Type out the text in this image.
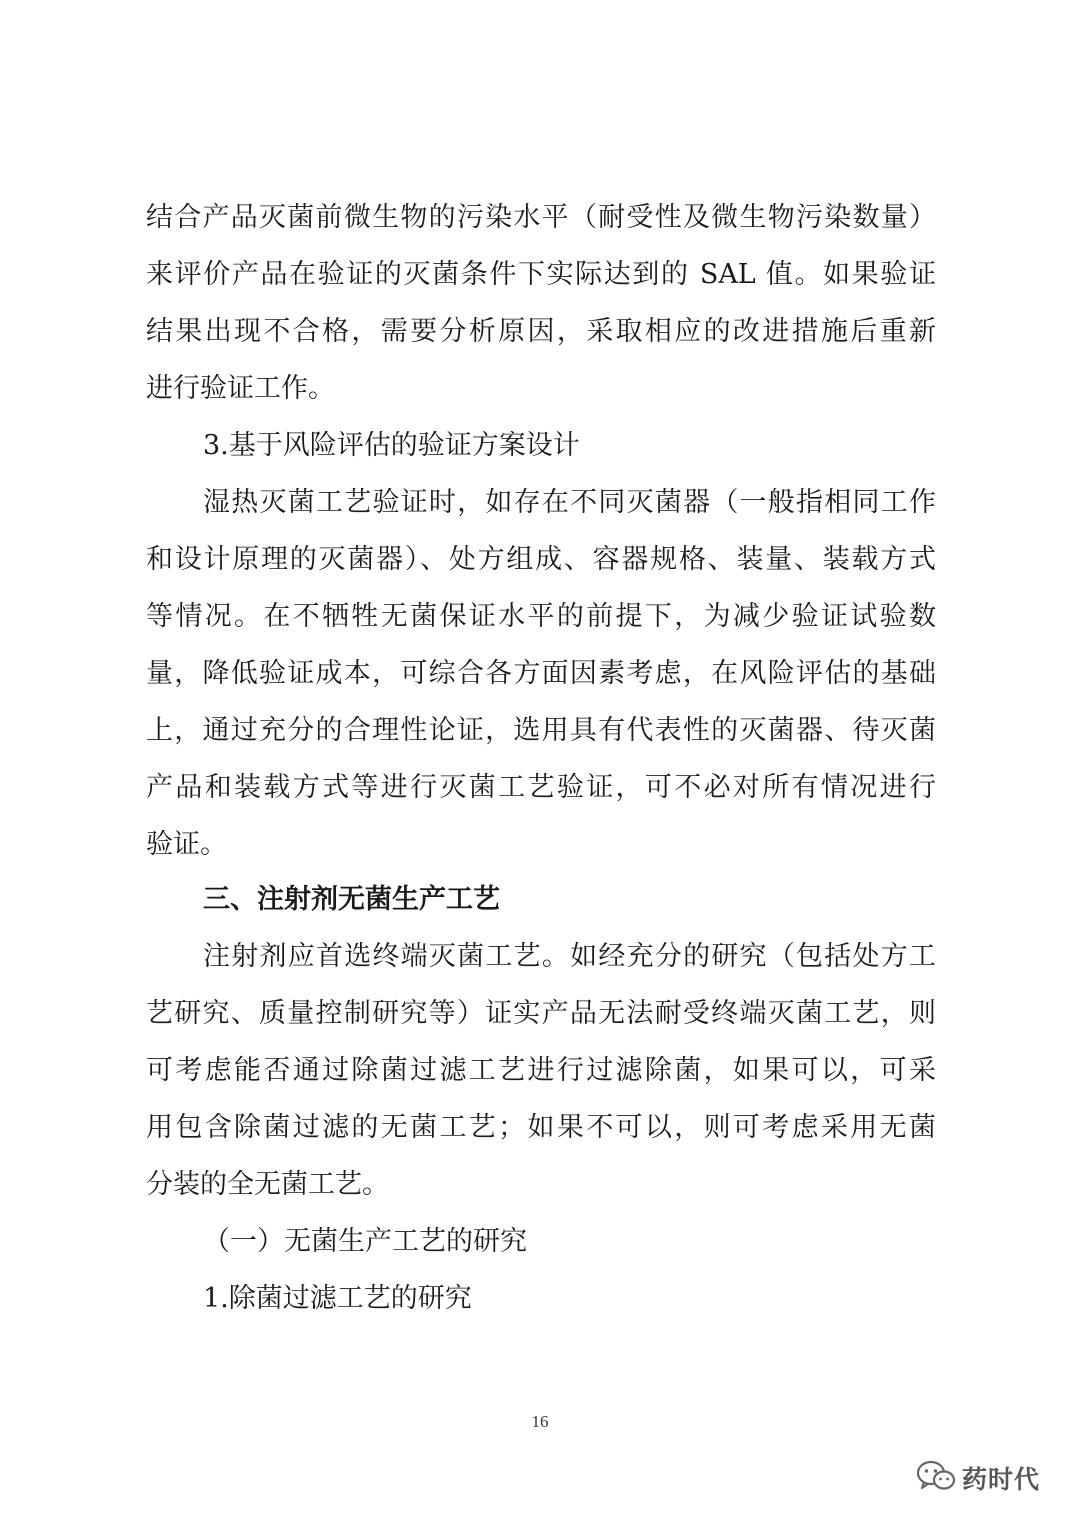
结合产品灭菌前微生物的污染水平（耐受性及微生物污染数量）
来评价产品在验证的灭菌条件下实际达到的 SAL 值。如果验证
结果出现不合格，需要分析原因，采取相应的改进措施后重新
进行验证工作。
3.基于风险评估的验证方案设计
湿热灭菌工艺验证时，如存在不同灭菌器（一般指相同工作
和设计原理的灭菌器）、处方组成、容器规格、装量、装载方式
等情况。在不牺牲无菌保证水平的前提下，为减少验证试验数
量，降低验证成本，可综合各方面因素考虑，在风险评估的基础
上，通过充分的合理性论证，选用具有代表性的灭菌器、待灭菌
产品和装载方式等进行灭菌工艺验证，可不必对所有情况进行
验证。
三、注射剂无菌生产工艺
注射剂应首选终端灭菌工艺。如经充分的研究（包括处方工
艺研究、质量控制研究等）证实产品无法耐受终端灭菌工艺，则
可考虑能否通过除菌过滤工艺进行过滤除菌，如果可以，可采
用包含除菌过滤的无菌工艺；如果不可以，则可考虑采用无菌
分装的全无菌工艺。
（一）无菌生产工艺的研究
1.除菌过滤工艺的研究
16
药时代
